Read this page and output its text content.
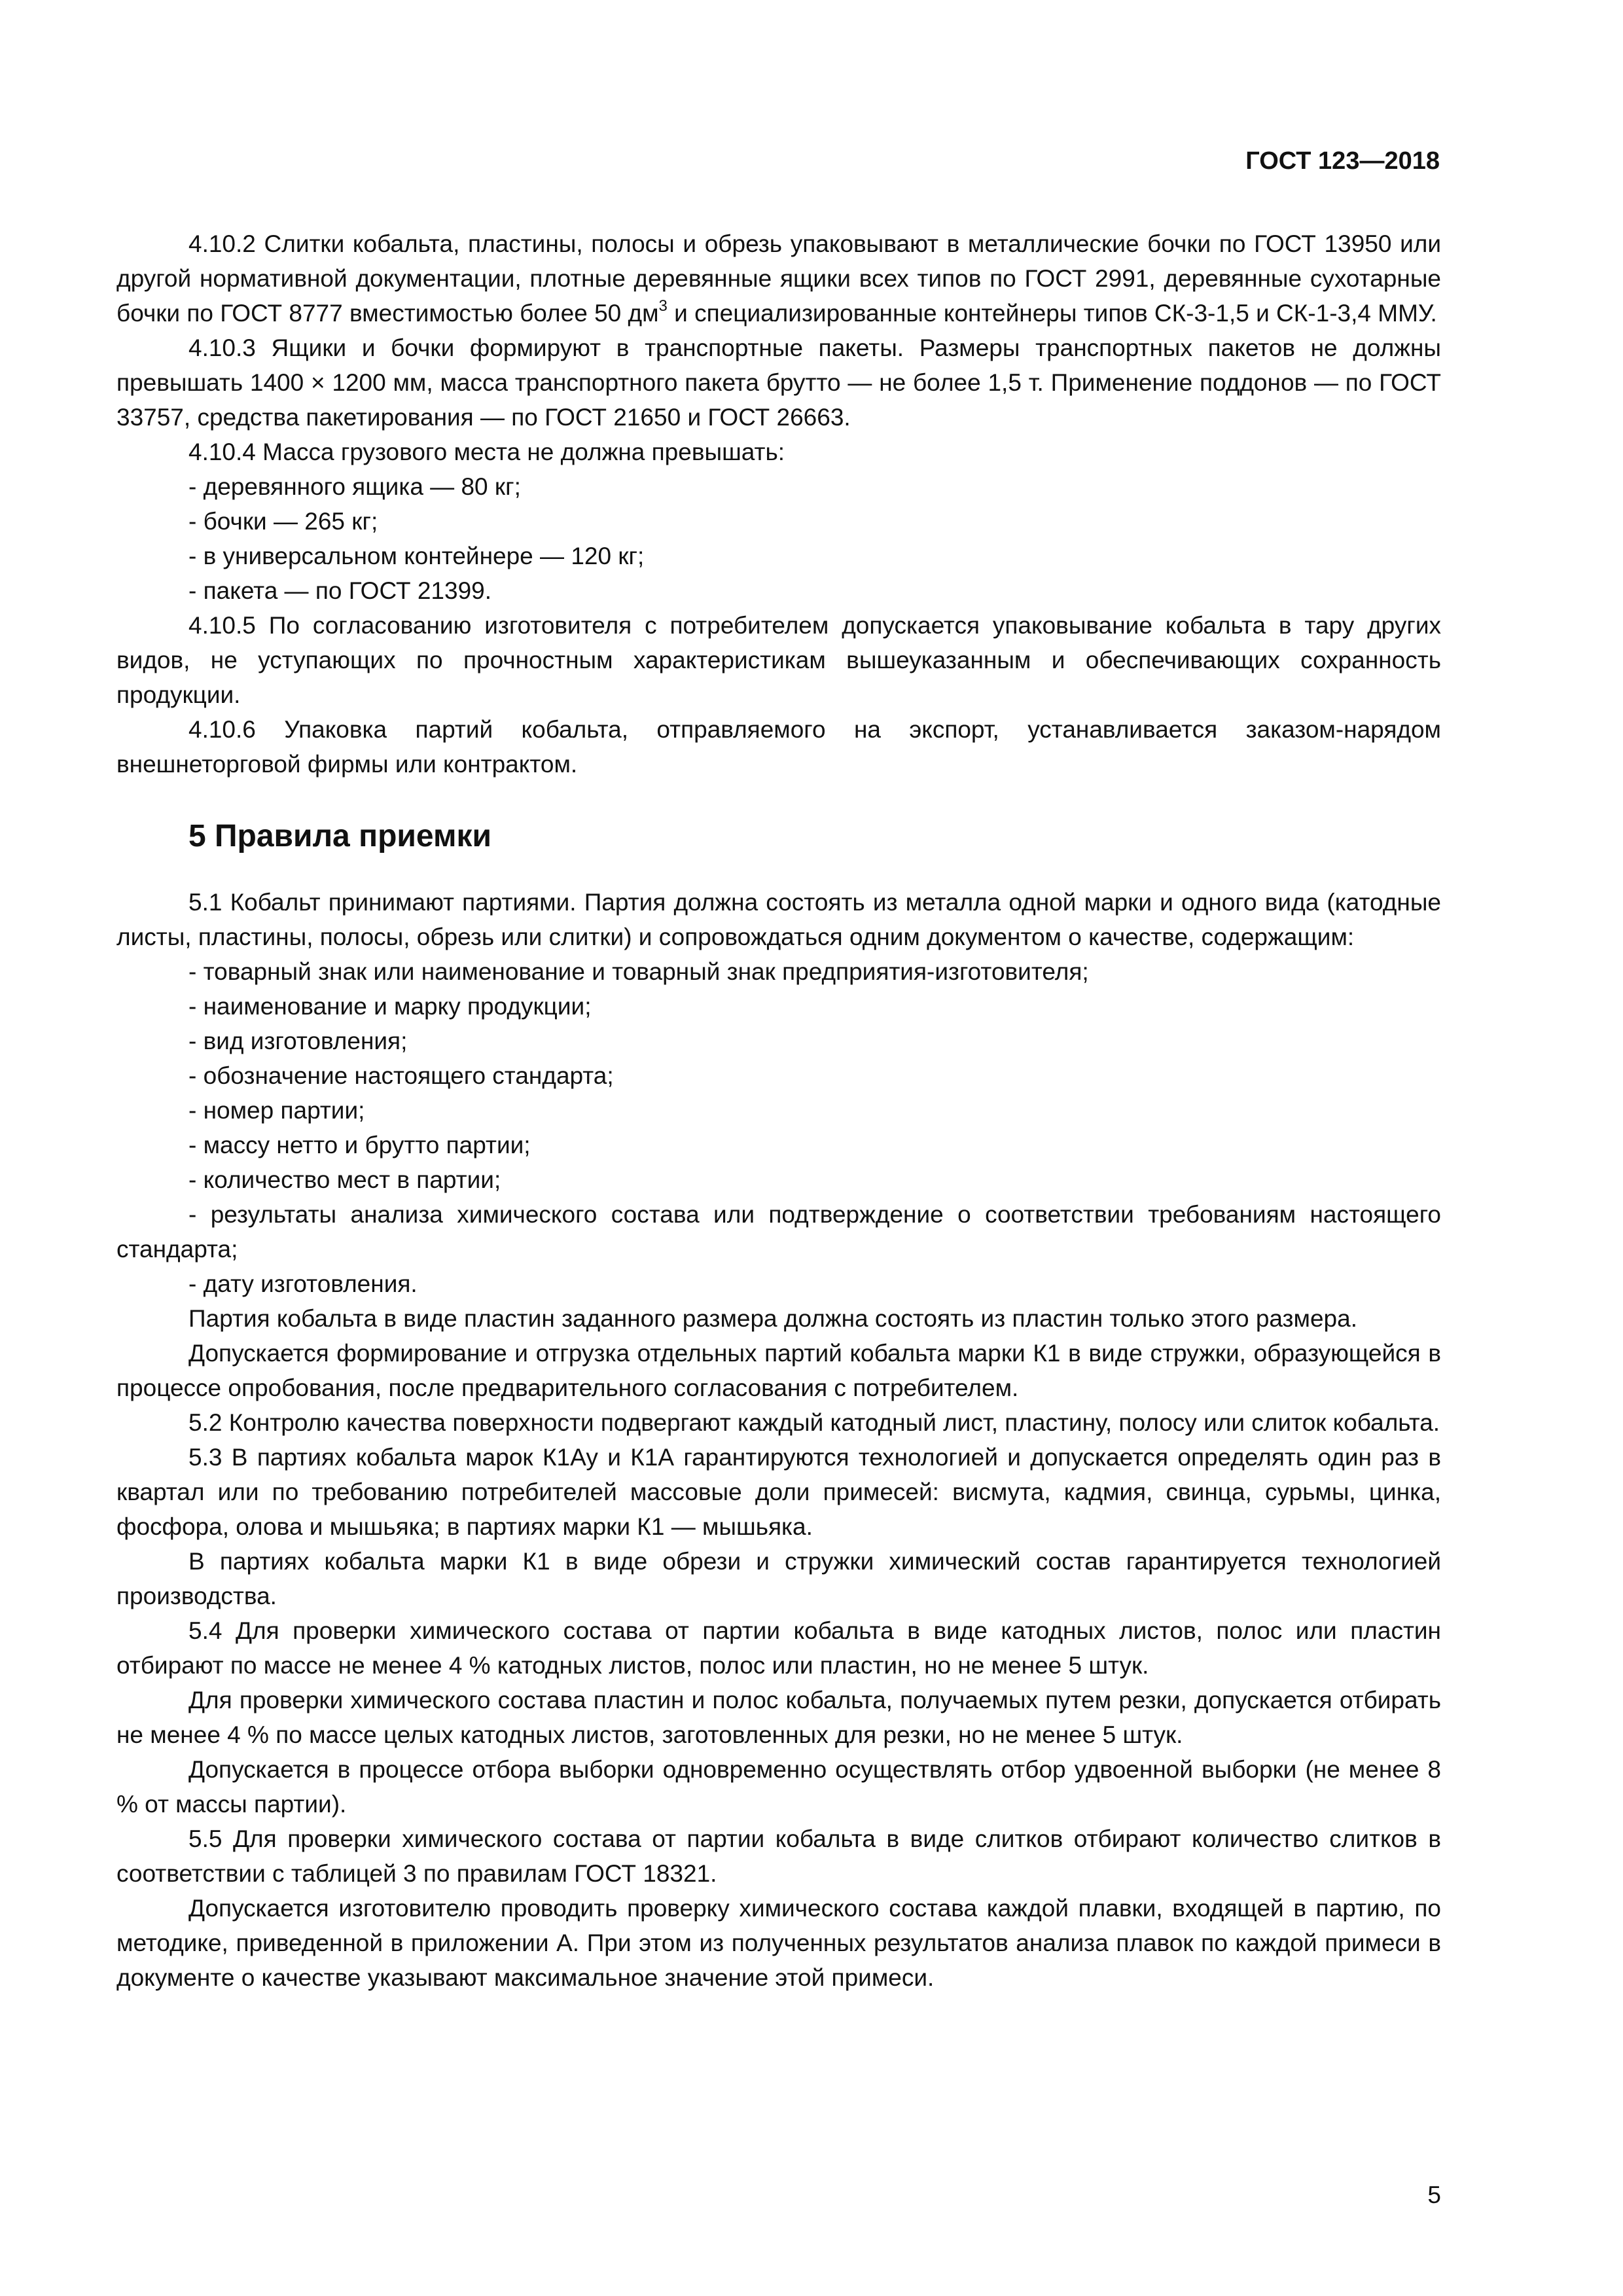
ГОСТ 123—2018

4.10.2 Слитки кобальта, пластины, полосы и обрезь упаковывают в металлические бочки по ГОСТ 13950 или другой нормативной документации, плотные деревянные ящики всех типов по ГОСТ 2991, деревянные сухотарные бочки по ГОСТ 8777 вместимостью более 50 $дм^3$ и специализированные контейнеры типов СК-3-1,5 и СК-1-3,4 ММУ.

4.10.3 Ящики и бочки формируют в транспортные пакеты. Размеры транспортных пакетов не должны превышать 1400 × 1200 мм, масса транспортного пакета брутто — не более 1,5 т. Применение поддонов — по ГОСТ 33757, средства пакетирования — по ГОСТ 21650 и ГОСТ 26663.

4.10.4 Масса грузового места не должна превышать:

- деревянного ящика — 80 кг;

- бочки — 265 кг;

- в универсальном контейнере — 120 кг;

- пакета — по ГОСТ 21399.

4.10.5 По согласованию изготовителя с потребителем допускается упаковывание кобальта в тару других видов, не уступающих по прочностным характеристикам вышеуказанным и обеспечивающих сохранность продукции.

4.10.6 Упаковка партий кобальта, отправляемого на экспорт, устанавливается заказом-нарядом внешнеторговой фирмы или контрактом.

5 Правила приемки

5.1 Кобальт принимают партиями. Партия должна состоять из металла одной марки и одного вида (катодные листы, пластины, полосы, обрезь или слитки) и сопровождаться одним документом о качестве, содержащим:

- товарный знак или наименование и товарный знак предприятия-изготовителя;

- наименование и марку продукции;

- вид изготовления;

- обозначение настоящего стандарта;

- номер партии;

- массу нетто и брутто партии;

- количество мест в партии;

- результаты анализа химического состава или подтверждение о соответствии требованиям настоящего стандарта;

- дату изготовления.

Партия кобальта в виде пластин заданного размера должна состоять из пластин только этого размера.

Допускается формирование и отгрузка отдельных партий кобальта марки К1 в виде стружки, образующейся в процессе опробования, после предварительного согласования с потребителем.

5.2 Контролю качества поверхности подвергают каждый катодный лист, пластину, полосу или слиток кобальта.

5.3 В партиях кобальта марок К1Ау и К1А гарантируются технологией и допускается определять один раз в квартал или по требованию потребителей массовые доли примесей: висмута, кадмия, свинца, сурьмы, цинка, фосфора, олова и мышьяка; в партиях марки К1 — мышьяка.

В партиях кобальта марки К1 в виде обрези и стружки химический состав гарантируется технологией производства.

5.4 Для проверки химического состава от партии кобальта в виде катодных листов, полос или пластин отбирают по массе не менее 4 % катодных листов, полос или пластин, но не менее 5 штук.

Для проверки химического состава пластин и полос кобальта, получаемых путем резки, допускается отбирать не менее 4 % по массе целых катодных листов, заготовленных для резки, но не менее 5 штук.

Допускается в процессе отбора выборки одновременно осуществлять отбор удвоенной выборки (не менее 8 % от массы партии).

5.5 Для проверки химического состава от партии кобальта в виде слитков отбирают количество слитков в соответствии с таблицей 3 по правилам ГОСТ 18321.

Допускается изготовителю проводить проверку химического состава каждой плавки, входящей в партию, по методике, приведенной в приложении А. При этом из полученных результатов анализа плавок по каждой примеси в документе о качестве указывают максимальное значение этой примеси.

5
